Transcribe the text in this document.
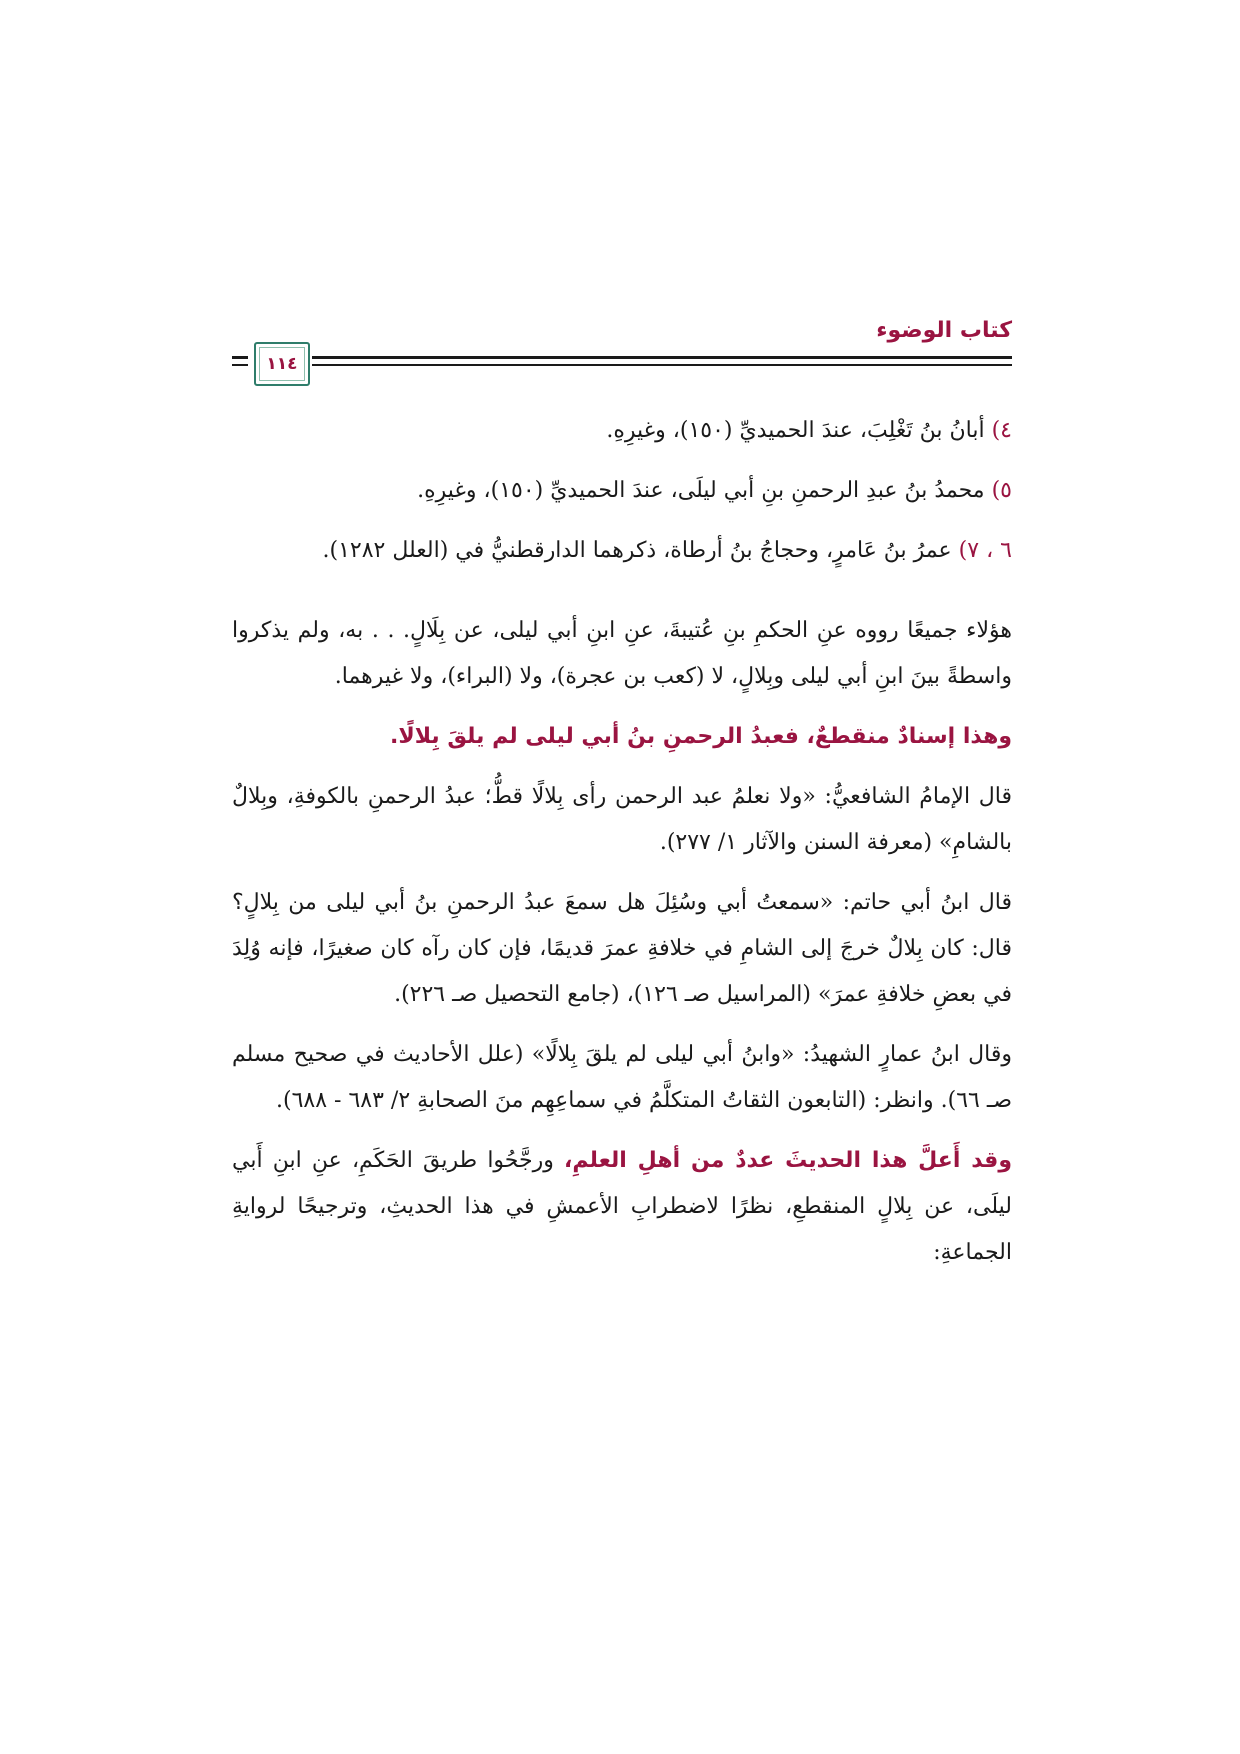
كتاب الوضوء
١١٤

٤) أبانُ بنُ تَغْلِبَ، عندَ الحميديِّ (١٥٠)، وغيرِهِ.

٥) محمدُ بنُ عبدِ الرحمنِ بنِ أبي ليلَى، عندَ الحميديِّ (١٥٠)، وغيرِهِ.

٦ ، ٧) عمرُ بنُ عَامرٍ، وحجاجُ بنُ أرطاة، ذكرهما الدارقطنيُّ في (العلل ١٢٨٢).

هؤلاء جميعًا رووه عنِ الحكمِ بنِ عُتيبةَ، عنِ ابنِ أبي ليلى، عن بِلَالٍ. . . به، ولم يذكروا واسطةً بينَ ابنِ أبي ليلى وبِلالٍ، لا (كعب بن عجرة)، ولا (البراء)، ولا غيرهما.

وهذا إسنادٌ منقطعٌ، فعبدُ الرحمنِ بنُ أبي ليلى لم يلقَ بِلالًا.

قال الإمامُ الشافعيُّ: «ولا نعلمُ عبد الرحمن رأى بِلالًا قطُّ؛ عبدُ الرحمنِ بالكوفةِ، وبِلالٌ بالشامِ» (معرفة السنن والآثار ١/ ٢٧٧).

قال ابنُ أبي حاتم: «سمعتُ أبي وسُئِلَ هل سمعَ عبدُ الرحمنِ بنُ أبي ليلى من بِلالٍ؟ قال: كان بِلالٌ خرجَ إلى الشامِ في خلافةِ عمرَ قديمًا، فإن كان رآه كان صغيرًا، فإنه وُلِدَ في بعضِ خلافةِ عمرَ» (المراسيل صـ ١٢٦)، (جامع التحصيل صـ ٢٢٦).

وقال ابنُ عمارٍ الشهيدُ: «وابنُ أبي ليلى لم يلقَ بِلالًا» (علل الأحاديث في صحيح مسلم صـ ٦٦). وانظر: (التابعون الثقاتُ المتكلَّمُ في سماعِهِم منَ الصحابةِ ٢/ ٦٨٣ - ٦٨٨).

وقد أَعلَّ هذا الحديثَ عددٌ من أهلِ العلمِ، ورجَّحُوا طريقَ الحَكَمِ، عنِ ابنِ أَبي ليلَى، عن بِلالٍ المنقطعِ، نظرًا لاضطرابِ الأعمشِ في هذا الحديثِ، وترجيحًا لروايةِ الجماعةِ:
